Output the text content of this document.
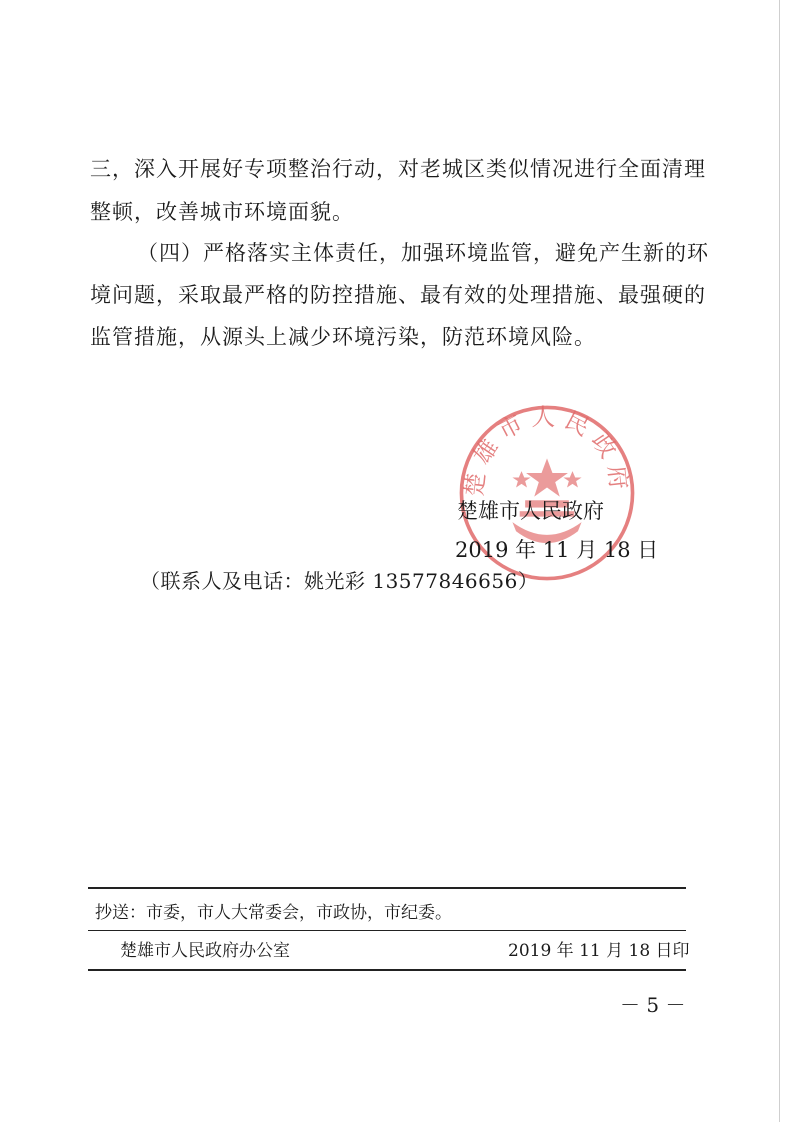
三，深入开展好专项整治行动，对老城区类似情况进行全面清理
整顿，改善城市环境面貌。
（四）严格落实主体责任，加强环境监管，避免产生新的环
境问题，采取最严格的防控措施、最有效的处理措施、最强硬的
监管措施，从源头上减少环境污染，防范环境风险。
楚雄市人民政府
楚雄市人民政府
2019 年 11 月 18 日
（联系人及电话：姚光彩 13577846656）
抄送：市委，市人大常委会，市政协，市纪委。
楚雄市人民政府办公室	2019 年 11 月 18 日印
－ 5 －
